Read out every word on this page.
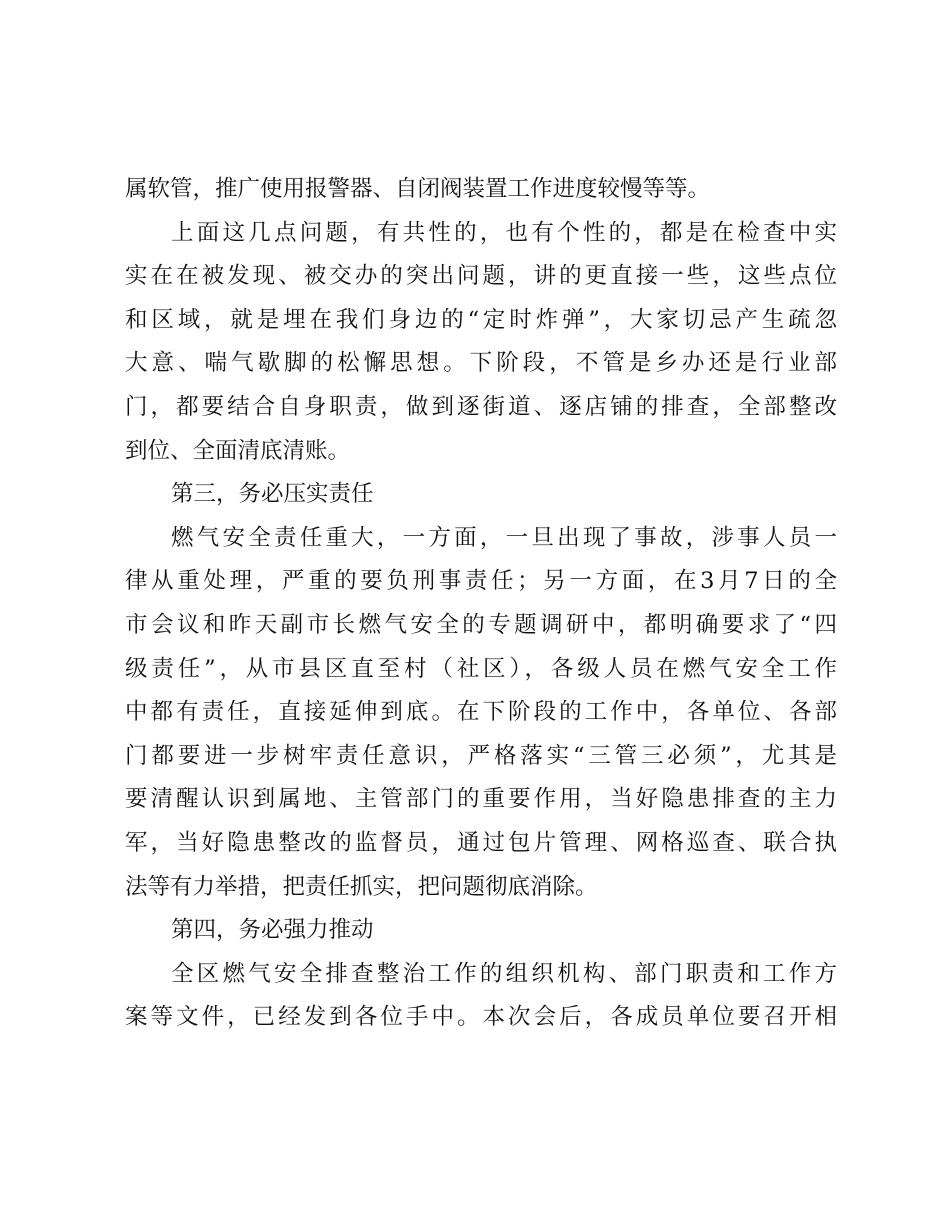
属软管，推广使用报警器、自闭阀装置工作进度较慢等等。
上面这几点问题，有共性的，也有个性的，都是在检查中实
实在在被发现、被交办的突出问题，讲的更直接一些，这些点位
和区域，就是埋在我们身边的“定时炸弹”，大家切忌产生疏忽
大意、喘气歇脚的松懈思想。下阶段，不管是乡办还是行业部
门，都要结合自身职责，做到逐街道、逐店铺的排查，全部整改
到位、全面清底清账。
第三，务必压实责任
燃气安全责任重大，一方面，一旦出现了事故，涉事人员一
律从重处理，严重的要负刑事责任；另一方面，在3月7日的全
市会议和昨天副市长燃气安全的专题调研中，都明确要求了“四
级责任”，从市县区直至村（社区），各级人员在燃气安全工作
中都有责任，直接延伸到底。在下阶段的工作中，各单位、各部
门都要进一步树牢责任意识，严格落实“三管三必须”，尤其是
要清醒认识到属地、主管部门的重要作用，当好隐患排查的主力
军，当好隐患整改的监督员，通过包片管理、网格巡查、联合执
法等有力举措，把责任抓实，把问题彻底消除。
第四，务必强力推动
全区燃气安全排查整治工作的组织机构、部门职责和工作方
案等文件，已经发到各位手中。本次会后，各成员单位要召开相
